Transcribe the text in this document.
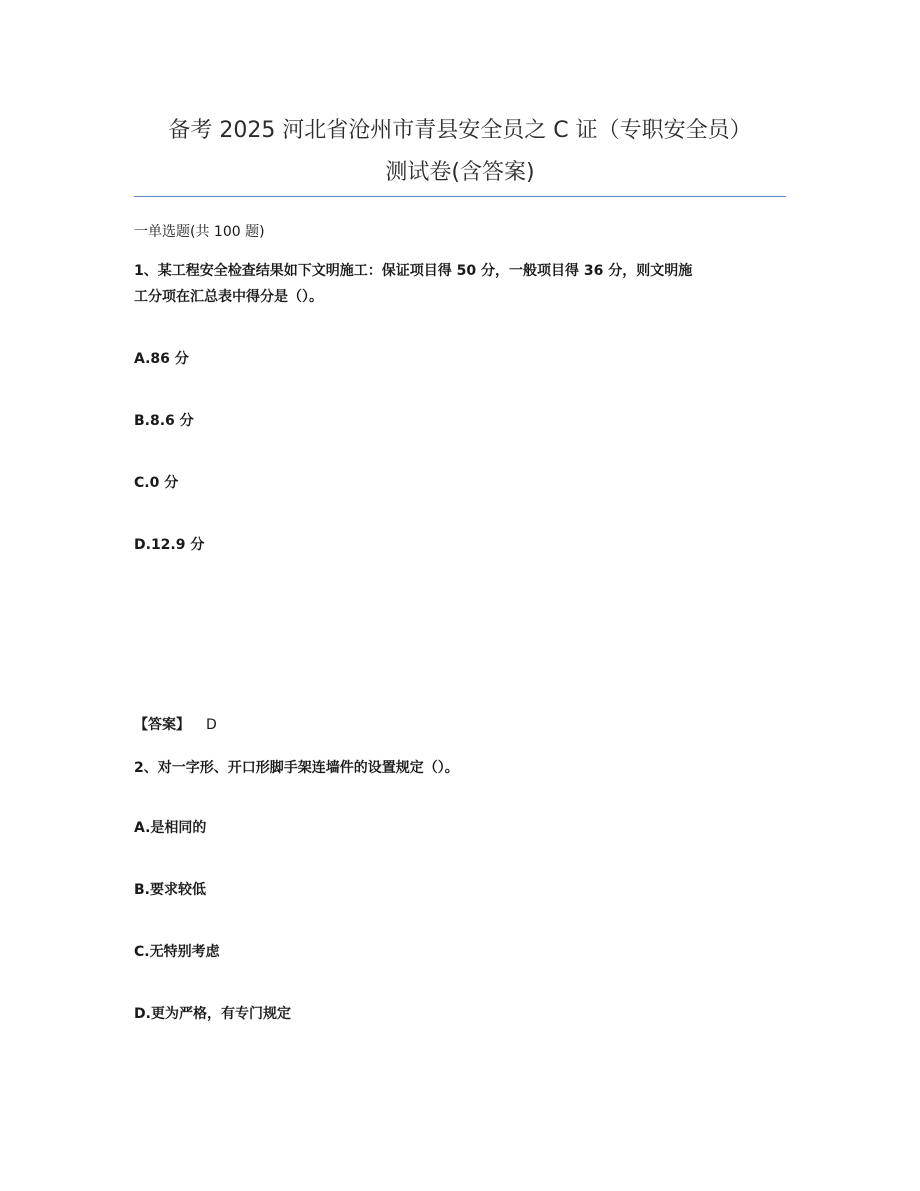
备考 2025 河北省沧州市青县安全员之 C 证（专职安全员）
测试卷(含答案)
一单选题(共 100 题)
1、某工程安全检查结果如下文明施工：保证项目得 50 分，一般项目得 36 分，则文明施
工分项在汇总表中得分是（）。
A.86 分
B.8.6 分
C.0 分
D.12.9 分
【答案】 D
2、对一字形、开口形脚手架连墙件的设置规定（）。
A.是相同的
B.要求较低
C.无特别考虑
D.更为严格，有专门规定
